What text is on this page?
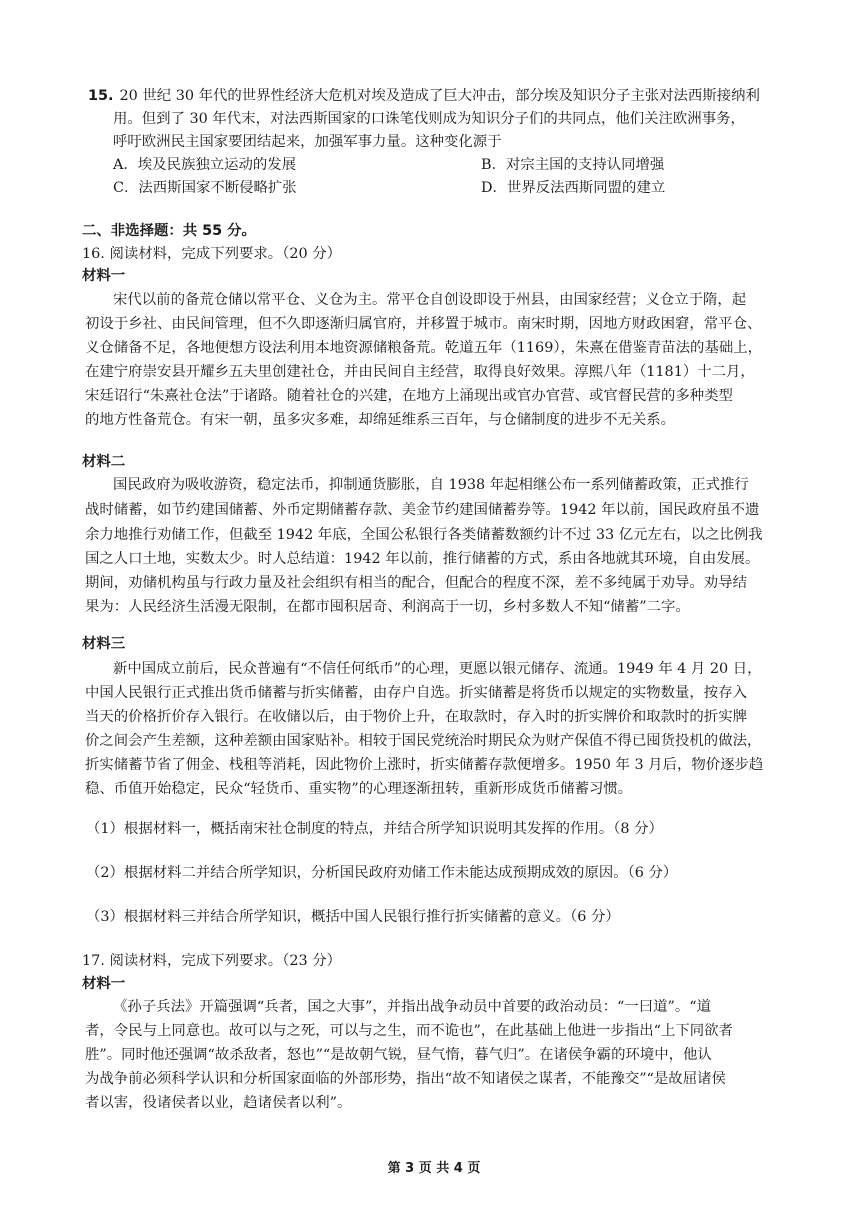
15. 20 世纪 30 年代的世界性经济大危机对埃及造成了巨大冲击，部分埃及知识分子主张对法西斯接纳利
用。但到了 30 年代末，对法西斯国家的口诛笔伐则成为知识分子们的共同点，他们关注欧洲事务，
呼吁欧洲民主国家要团结起来，加强军事力量。这种变化源于
A．埃及民族独立运动的发展	B．对宗主国的支持认同增强
C．法西斯国家不断侵略扩张	D．世界反法西斯同盟的建立
二、非选择题：共 55 分。
16. 阅读材料，完成下列要求。（20 分）
材料一
宋代以前的备荒仓储以常平仓、义仓为主。常平仓自创设即设于州县，由国家经营；义仓立于隋，起
初设于乡社、由民间管理，但不久即逐渐归属官府，并移置于城市。南宋时期，因地方财政困窘，常平仓、
义仓储备不足，各地便想方设法利用本地资源储粮备荒。乾道五年（1169），朱熹在借鉴青苗法的基础上，
在建宁府崇安县开耀乡五夫里创建社仓，并由民间自主经营，取得良好效果。淳熙八年（1181）十二月，
宋廷诏行“朱熹社仓法”于诸路。随着社仓的兴建，在地方上涌现出或官办官营、或官督民营的多种类型
的地方性备荒仓。有宋一朝，虽多灾多难，却绵延维系三百年，与仓储制度的进步不无关系。
材料二
国民政府为吸收游资，稳定法币，抑制通货膨胀，自 1938 年起相继公布一系列储蓄政策，正式推行
战时储蓄，如节约建国储蓄、外币定期储蓄存款、美金节约建国储蓄券等。1942 年以前，国民政府虽不遗
余力地推行劝储工作，但截至 1942 年底，全国公私银行各类储蓄数额约计不过 33 亿元左右，以之比例我
国之人口土地，实数太少。时人总结道：1942 年以前，推行储蓄的方式，系由各地就其环境，自由发展。
期间，劝储机构虽与行政力量及社会组织有相当的配合，但配合的程度不深，差不多纯属于劝导。劝导结
果为：人民经济生活漫无限制，在都市囤积居奇、利润高于一切，乡村多数人不知“储蓄”二字。
材料三
新中国成立前后，民众普遍有“不信任何纸币”的心理，更愿以银元储存、流通。1949 年 4 月 20 日，
中国人民银行正式推出货币储蓄与折实储蓄，由存户自选。折实储蓄是将货币以规定的实物数量，按存入
当天的价格折价存入银行。在收储以后，由于物价上升，在取款时，存入时的折实牌价和取款时的折实牌
价之间会产生差额，这种差额由国家贴补。相较于国民党统治时期民众为财产保值不得已囤货投机的做法，
折实储蓄节省了佣金、栈租等消耗，因此物价上涨时，折实储蓄存款便增多。1950 年 3 月后，物价逐步趋
稳、币值开始稳定，民众“轻货币、重实物”的心理逐渐扭转，重新形成货币储蓄习惯。
（1）根据材料一，概括南宋社仓制度的特点，并结合所学知识说明其发挥的作用。（8 分）
（2）根据材料二并结合所学知识，分析国民政府劝储工作未能达成预期成效的原因。（6 分）
（3）根据材料三并结合所学知识，概括中国人民银行推行折实储蓄的意义。（6 分）
17. 阅读材料，完成下列要求。（23 分）
材料一
《孙子兵法》开篇强调“兵者，国之大事”，并指出战争动员中首要的政治动员：“一曰道”。“道
者，令民与上同意也。故可以与之死，可以与之生，而不诡也”，在此基础上他进一步指出“上下同欲者
胜”。同时他还强调“故杀敌者，怒也”“是故朝气锐，昼气惰，暮气归”。在诸侯争霸的环境中，他认
为战争前必须科学认识和分析国家面临的外部形势，指出“故不知诸侯之谋者，不能豫交”“是故屈诸侯
者以害，役诸侯者以业，趋诸侯者以利”。
第 3 页 共 4 页
